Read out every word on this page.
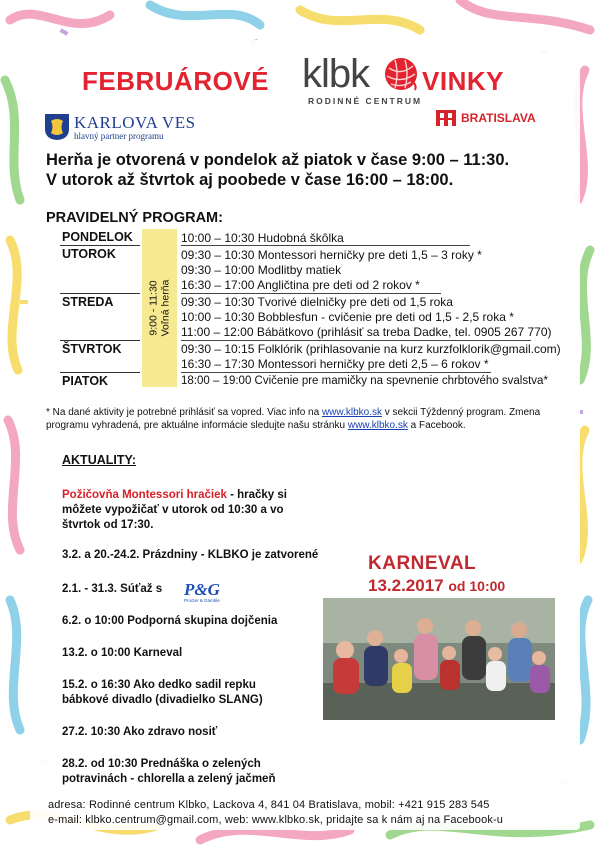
FEBRUÁROVÉ klbk
RODINNÉ CENTRUM
VINKY
KARLOVA VES
hlavný partner programu
BRATISLAVA
Herňa je otvorená v pondelok až piatok v čase 9:00 – 11:30.
V utorok až štvrtok aj poobede v čase 16:00 – 18:00.
PRAVIDELNÝ PROGRAM:
9:00 - 11:30 Voľná herňa
PONDELOK	10:00 – 10:30 Hudobná škôlka
UTOROK	09:30 – 10:30 Montessori herničky pre deti 1,5 – 3 roky *
09:30 – 10:00 Modlitby matiek
16:30 – 17:00 Angličtina pre deti od 2 rokov *
STREDA	09:30 – 10:30 Tvorivé dielničky pre deti od 1,5 roka
10:00 – 10:30 Bobblesfun - cvičenie pre deti od 1,5 - 2,5 roka *
11:00 – 12:00 Bábätkovo (prihlásiť sa treba Dadke, tel. 0905 267 770)
ŠTVRTOK	09:30 – 10:15 Folklórik (prihlasovanie na kurz kurzfolklorik@gmail.com)
16:30 – 17:30 Montessori herničky pre deti 2,5 – 6 rokov *
PIATOK	18:00 – 19:00 Cvičenie pre mamičky na spevnenie chrbtového svalstva*
* Na dané aktivity je potrebné prihlásiť sa vopred. Viac info na www.klbko.sk v sekcii Týždenný program. Zmena programu vyhradená, pre aktuálne informácie sledujte našu stránku www.klbko.sk a Facebook.
AKTUALITY:
Požičovňa Montessori hračiek - hračky si môžete vypožičať v utorok od 10:30 a vo štvrtok od 17:30.
3.2. a 20.-24.2. Prázdniny - KLBKO je zatvorené
2.1. - 31.3. Súťaž s	P&G
Procter & Gamble
6.2. o 10:00 Podporná skupina dojčenia
13.2. o 10:00 Karneval
15.2. o 16:30 Ako dedko sadil repku bábkové divadlo (divadielko SLANG)
27.2. 10:30 Ako zdravo nosiť
28.2. od 10:30 Prednáška o zelených potravinách - chlorella a zelený jačmeň
KARNEVAL
13.2.2017 od 10:00
adresa: Rodinné centrum Klbko, Lackova 4, 841 04 Bratislava, mobil: +421 915 283 545
e-mail: klbko.centrum@gmail.com, web: www.klbko.sk, pridajte sa k nám aj na Facebook-u
